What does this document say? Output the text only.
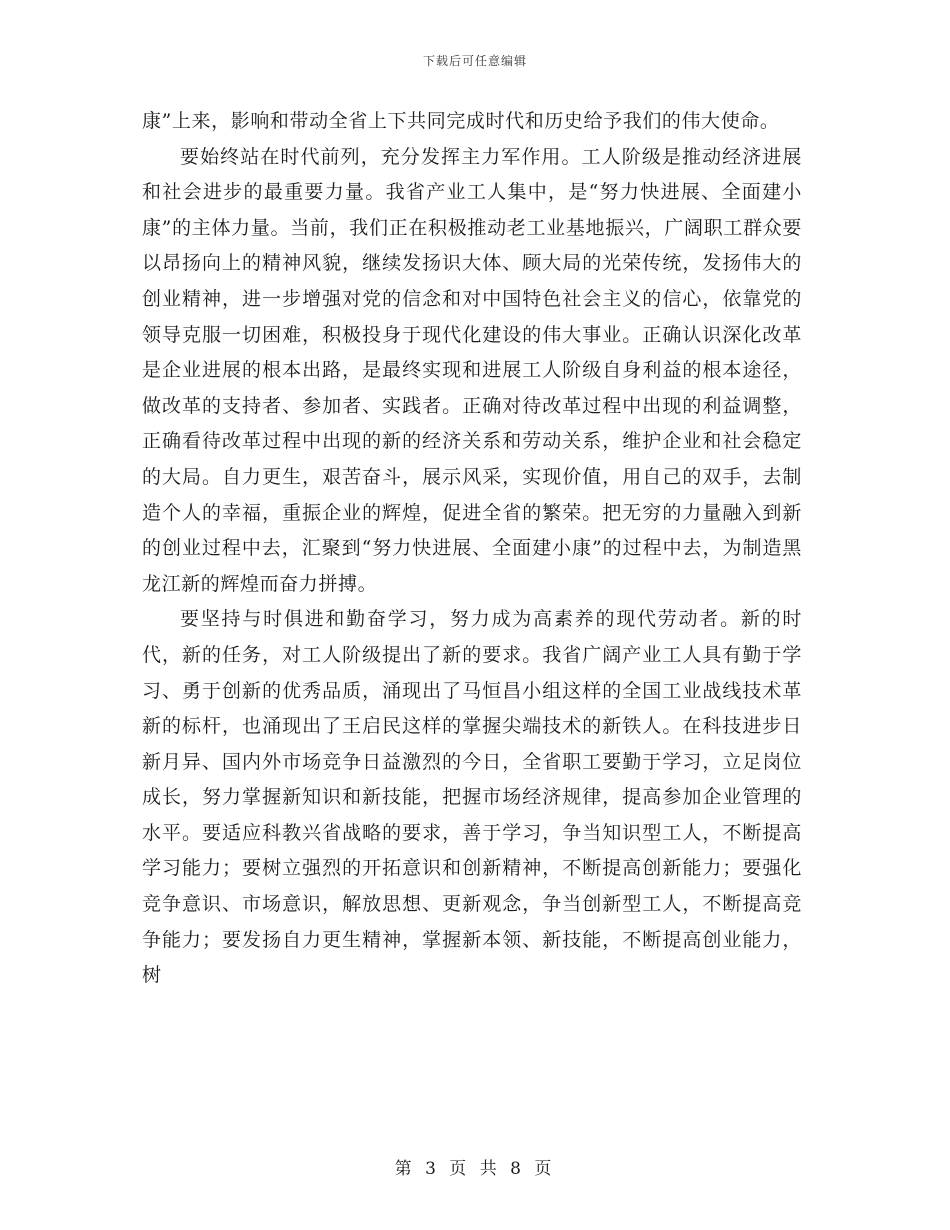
下载后可任意编辑

康”上来，影响和带动全省上下共同完成时代和历史给予我们的伟大使命。

要始终站在时代前列，充分发挥主力军作用。工人阶级是推动经济进展和社会进步的最重要力量。我省产业工人集中，是“努力快进展、全面建小康”的主体力量。当前，我们正在积极推动老工业基地振兴，广阔职工群众要以昂扬向上的精神风貌，继续发扬识大体、顾大局的光荣传统，发扬伟大的创业精神，进一步增强对党的信念和对中国特色社会主义的信心，依靠党的领导克服一切困难，积极投身于现代化建设的伟大事业。正确认识深化改革是企业进展的根本出路，是最终实现和进展工人阶级自身利益的根本途径，做改革的支持者、参加者、实践者。正确对待改革过程中出现的利益调整，正确看待改革过程中出现的新的经济关系和劳动关系，维护企业和社会稳定的大局。自力更生，艰苦奋斗，展示风采，实现价值，用自己的双手，去制造个人的幸福，重振企业的辉煌，促进全省的繁荣。把无穷的力量融入到新的创业过程中去，汇聚到“努力快进展、全面建小康”的过程中去，为制造黑龙江新的辉煌而奋力拼搏。

要坚持与时俱进和勤奋学习，努力成为高素养的现代劳动者。新的时代，新的任务，对工人阶级提出了新的要求。我省广阔产业工人具有勤于学习、勇于创新的优秀品质，涌现出了马恒昌小组这样的全国工业战线技术革新的标杆，也涌现出了王启民这样的掌握尖端技术的新铁人。在科技进步日新月异、国内外市场竞争日益激烈的今日，全省职工要勤于学习，立足岗位成长，努力掌握新知识和新技能，把握市场经济规律，提高参加企业管理的水平。要适应科教兴省战略的要求，善于学习，争当知识型工人，不断提高学习能力；要树立强烈的开拓意识和创新精神，不断提高创新能力；要强化竞争意识、市场意识，解放思想、更新观念，争当创新型工人，不断提高竞争能力；要发扬自力更生精神，掌握新本领、新技能，不断提高创业能力，树

第 3 页 共 8 页
